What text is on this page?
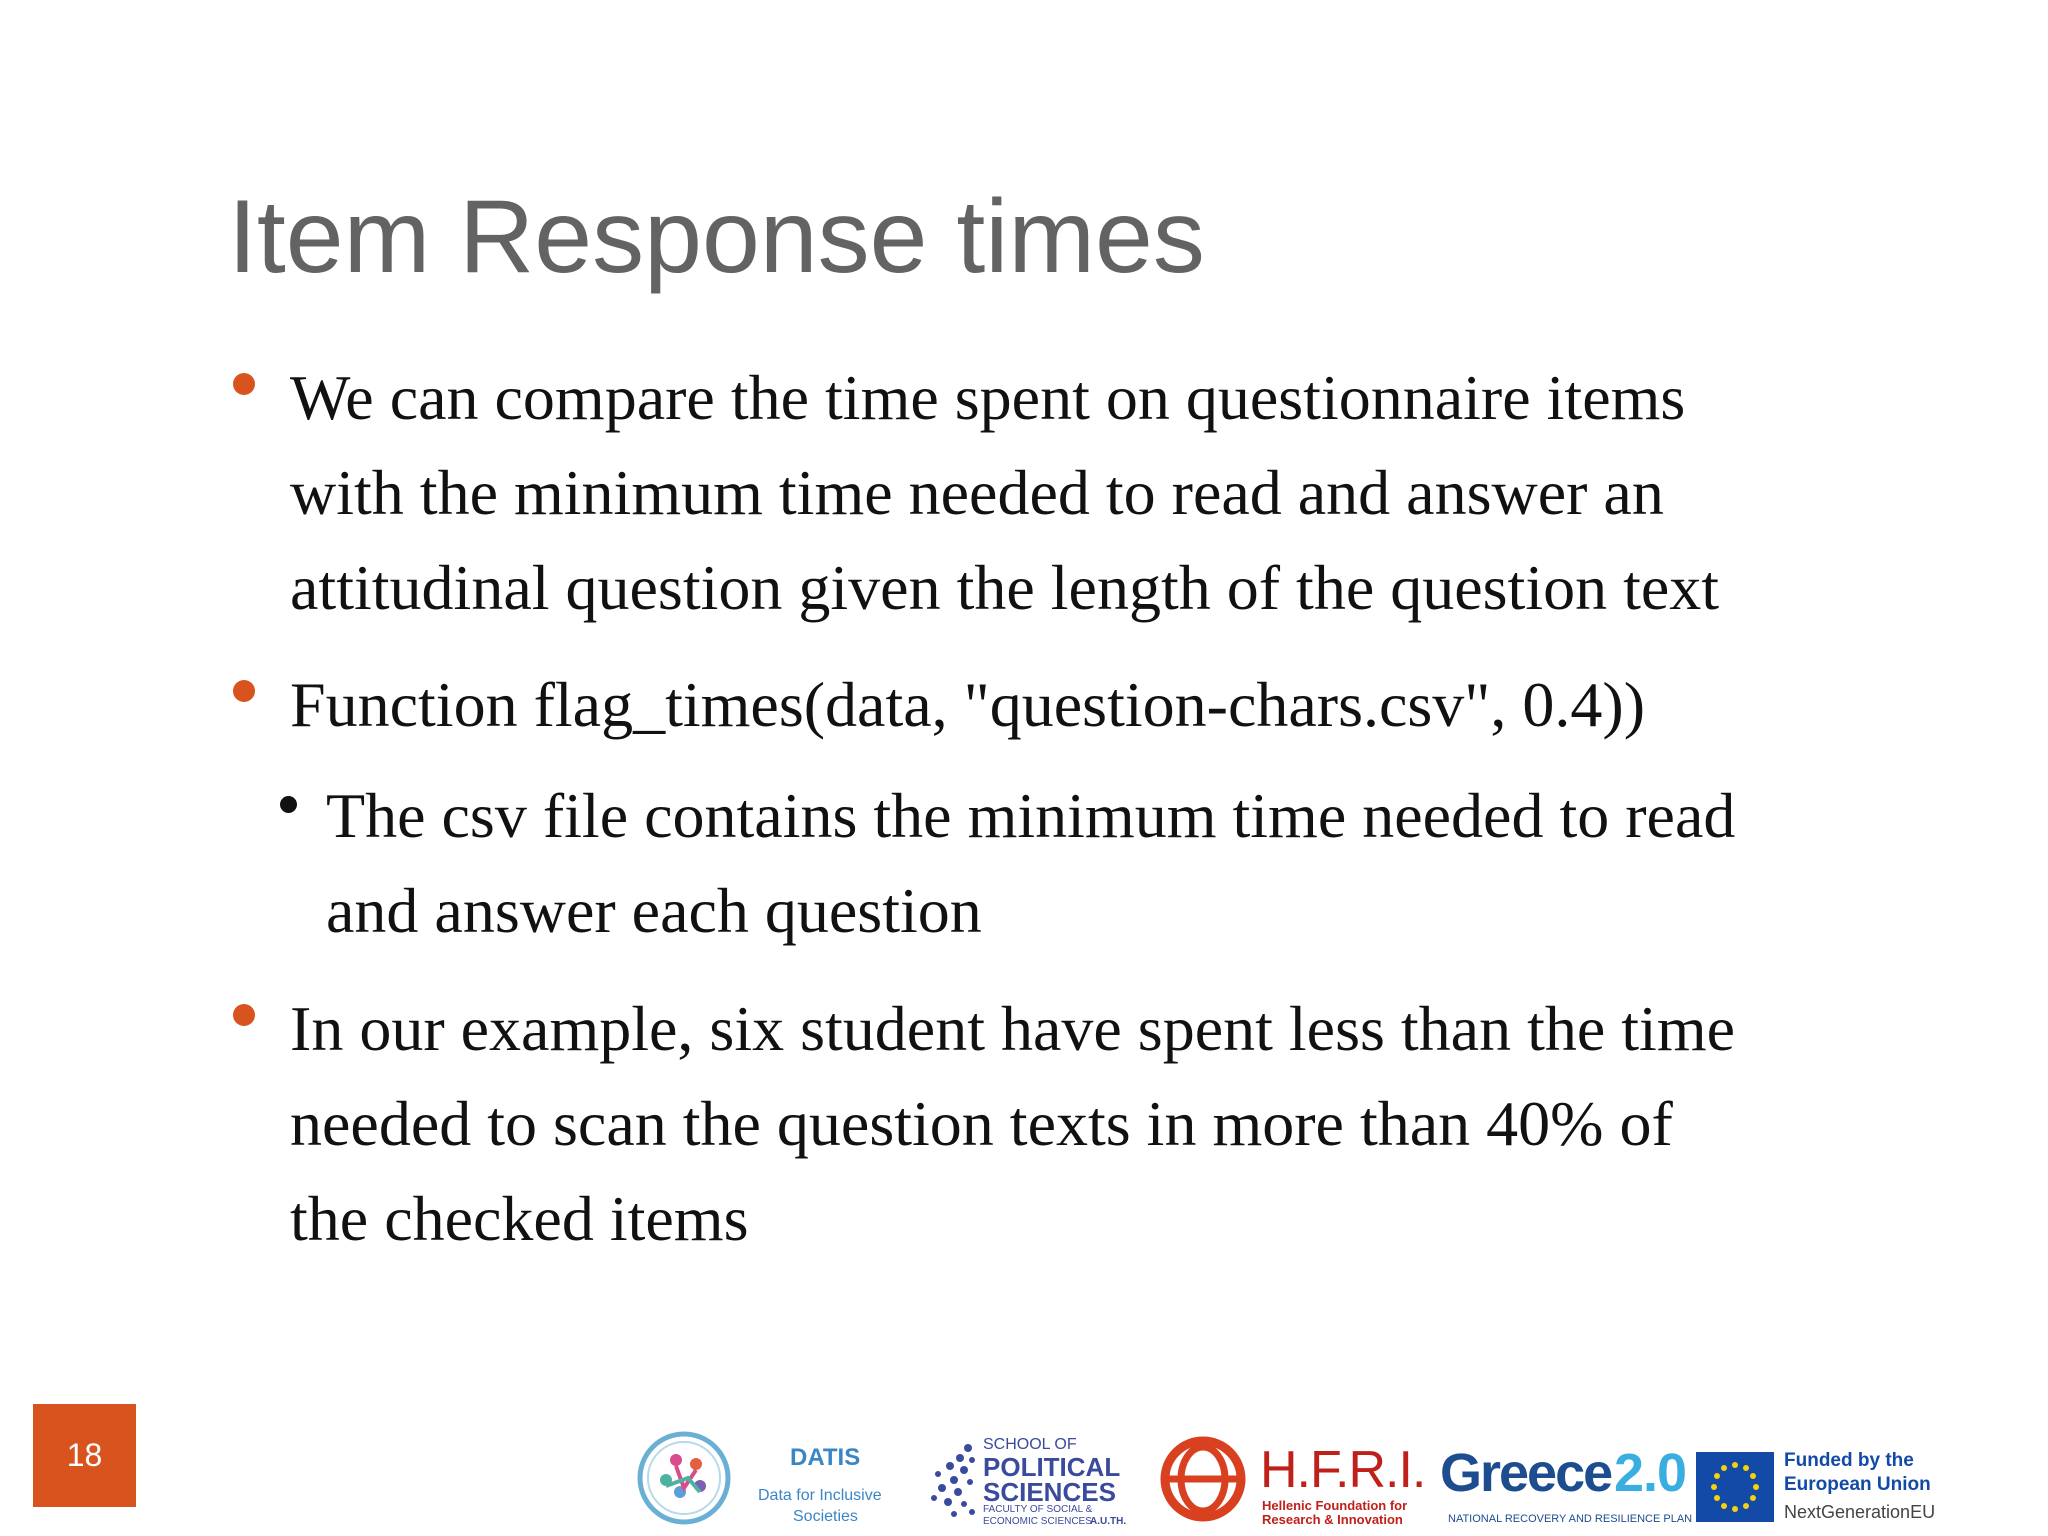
Item Response times
We can compare the time spent on questionnaire items
with the minimum time needed to read and answer an
attitudinal question given the length of the question text
Function flag_times(data, "question-chars.csv", 0.4))
The csv file contains the minimum time needed to read
and answer each question
In our example, six student have spent less than the time
needed to scan the question texts in more than 40% of
the checked items
18	DATIS
Data for Inclusive
Societies
SCHOOL OF
POLITICAL
SCIENCES
FACULTY OF SOCIAL &
ECONOMIC SCIENCES
A.U.TH.
H.F.R.I.
Hellenic Foundation for
Research & Innovation
Greece 2.0
NATIONAL RECOVERY AND RESILIENCE PLAN
Funded by the
European Union
NextGenerationEU
